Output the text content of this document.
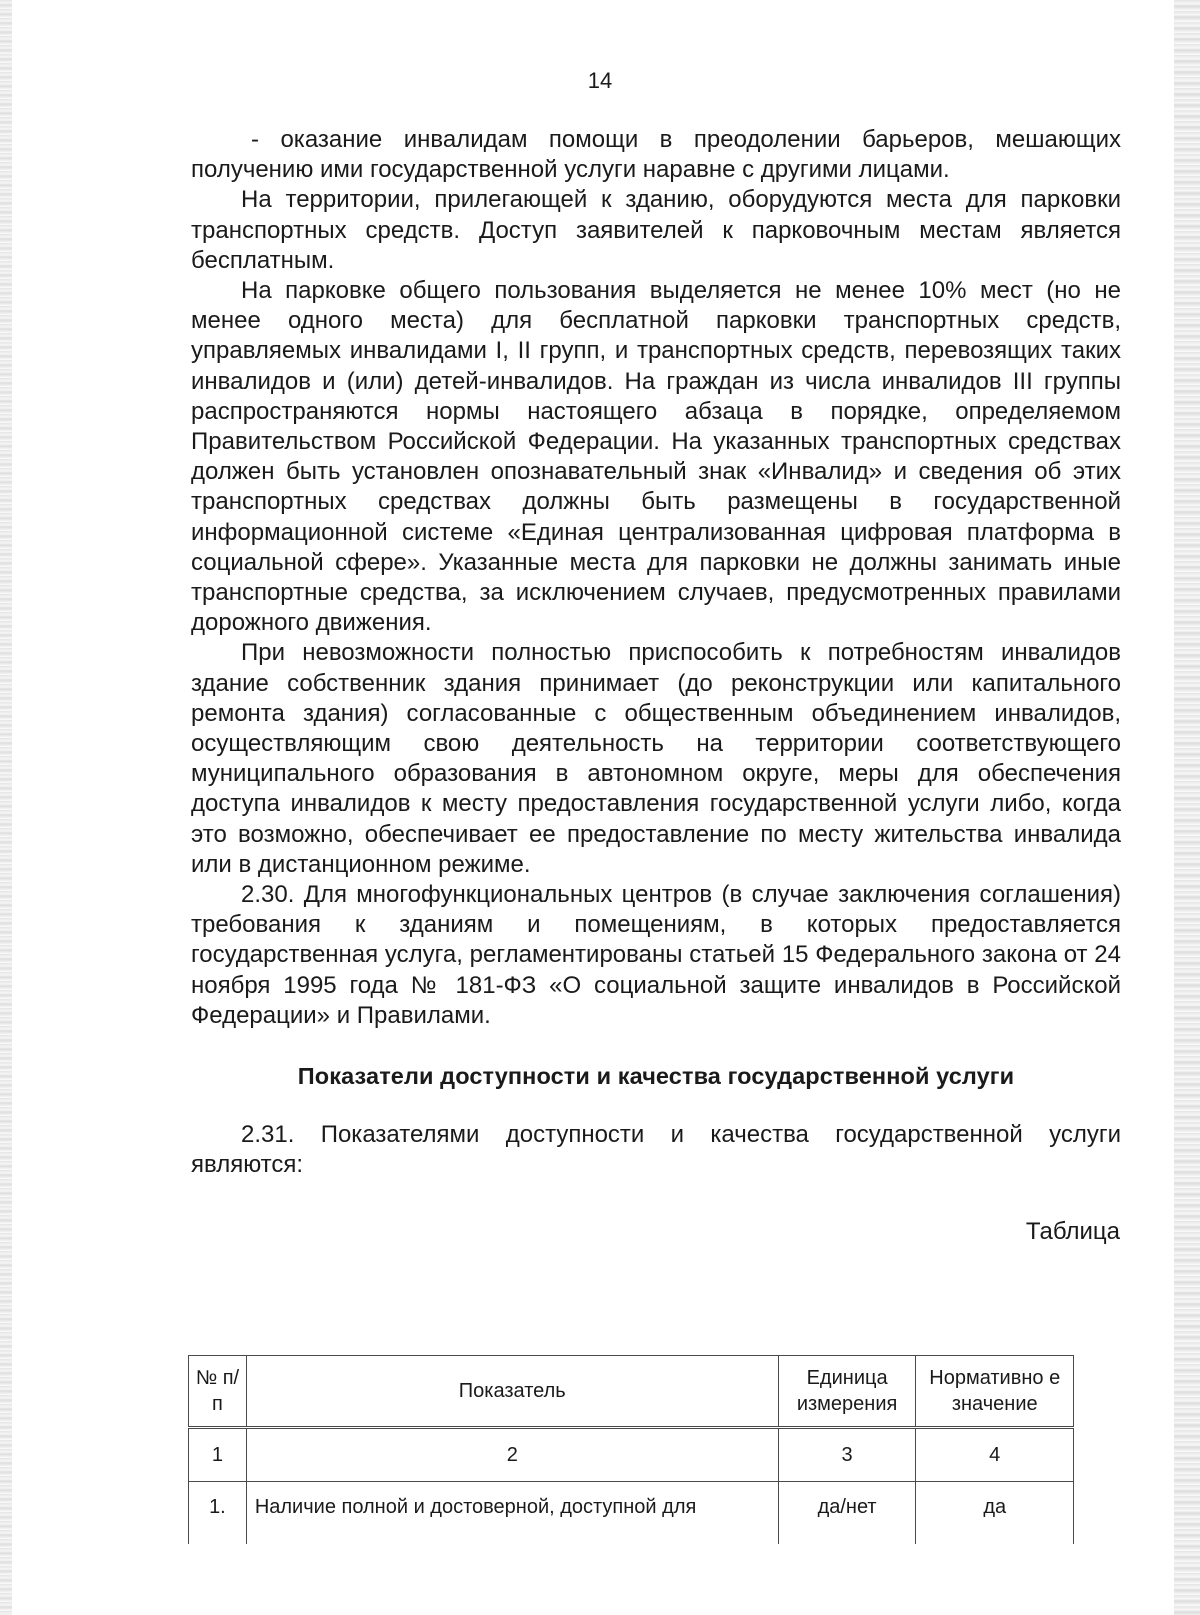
14

- оказание инвалидам помощи в преодолении барьеров, мешающих получению ими государственной услуги наравне с другими лицами.

На территории, прилегающей к зданию, оборудуются места для парковки транспортных средств. Доступ заявителей к парковочным местам является бесплатным.

На парковке общего пользования выделяется не менее 10% мест (но не менее одного места) для бесплатной парковки транспортных средств, управляемых инвалидами I, II групп, и транспортных средств, перевозящих таких инвалидов и (или) детей-инвалидов. На граждан из числа инвалидов III группы распространяются нормы настоящего абзаца в порядке, определяемом Правительством Российской Федерации. На указанных транспортных средствах должен быть установлен опознавательный знак «Инвалид» и сведения об этих транспортных средствах должны быть размещены в государственной информационной системе «Единая централизованная цифровая платформа в социальной сфере». Указанные места для парковки не должны занимать иные транспортные средства, за исключением случаев, предусмотренных правилами дорожного движения.

При невозможности полностью приспособить к потребностям инвалидов здание собственник здания принимает (до реконструкции или капитального ремонта здания) согласованные с общественным объединением инвалидов, осуществляющим свою деятельность на территории соответствующего муниципального образования в автономном округе, меры для обеспечения доступа инвалидов к месту предоставления государственной услуги либо, когда это возможно, обеспечивает ее предоставление по месту жительства инвалида или в дистанционном режиме.

2.30. Для многофункциональных центров (в случае заключения соглашения) требования к зданиям и помещениям, в которых предоставляется государственная услуга, регламентированы статьей 15 Федерального закона от 24 ноября 1995 года № 181-ФЗ «О социальной защите инвалидов в Российской Федерации» и Правилами.

Показатели доступности и качества государственной услуги

2.31. Показателями доступности и качества государственной услуги являются:

Таблица
№ п/п	Показатель	Единица измерения	Нормативно е значение
1	2	3	4
1.	Наличие полной и достоверной, доступной для	да/нет	да
